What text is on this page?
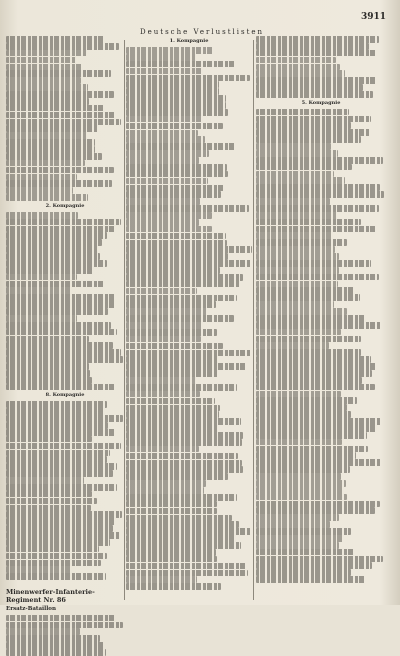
Deutsche Verlustlisten
3911
2. Kompagnie
8. Kompagnie
Minenwerfer-Infanterie-Regiment Nr. 86
Ersatz-Bataillon
1. Kompagnie
5. Kompagnie
